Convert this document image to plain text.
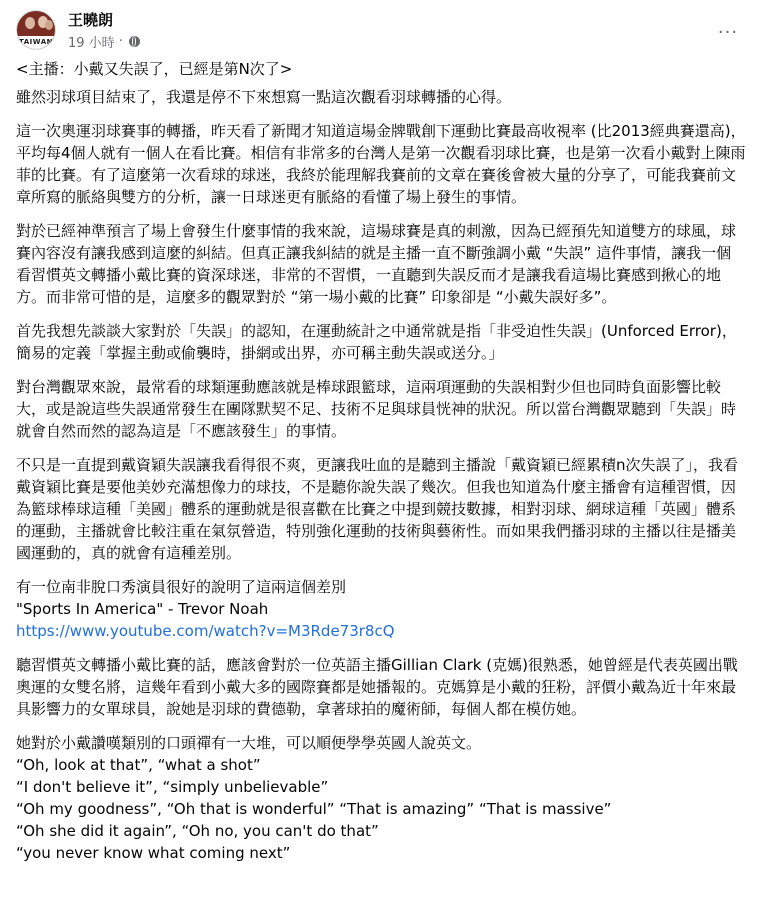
TAIWAN
王曉朗
19 小時 ·	···

<主播：小戴又失誤了，已經是第N次了>

雖然羽球項目結束了，我還是停不下來想寫一點這次觀看羽球轉播的心得。

這一次奧運羽球賽事的轉播，昨天看了新聞才知道這場金牌戰創下運動比賽最高收視率 (比2013經典賽還高)，平均每4個人就有一個人在看比賽。相信有非常多的台灣人是第一次觀看羽球比賽，也是第一次看小戴對上陳雨菲的比賽。有了這麼第一次看球的球迷，我終於能理解我賽前的文章在賽後會被大量的分享了，可能我賽前文章所寫的脈絡與雙方的分析，讓一日球迷更有脈絡的看懂了場上發生的事情。

對於已經神準預言了場上會發生什麼事情的我來說，這場球賽是真的刺激，因為已經預先知道雙方的球風，球賽內容沒有讓我感到這麼的糾結。但真正讓我糾結的就是主播一直不斷強調小戴 “失誤” 這件事情，讓我一個看習慣英文轉播小戴比賽的資深球迷，非常的不習慣，一直聽到失誤反而才是讓我看這場比賽感到揪心的地方。而非常可惜的是，這麼多的觀眾對於 “第一場小戴的比賽” 印象卻是 “小戴失誤好多”。

首先我想先談談大家對於「失誤」的認知，在運動統計之中通常就是指「非受迫性失誤」(Unforced Error)，簡易的定義「掌握主動或偷襲時，掛網或出界，亦可稱主動失誤或送分。」

對台灣觀眾來說，最常看的球類運動應該就是棒球跟籃球，這兩項運動的失誤相對少但也同時負面影響比較大，或是說這些失誤通常發生在團隊默契不足、技術不足與球員恍神的狀況。所以當台灣觀眾聽到「失誤」時就會自然而然的認為這是「不應該發生」的事情。

不只是一直提到戴資穎失誤讓我看得很不爽，更讓我吐血的是聽到主播說「戴資穎已經累積n次失誤了」，我看戴資穎比賽是要他美妙充滿想像力的球技，不是聽你說失誤了幾次。但我也知道為什麼主播會有這種習慣，因為籃球棒球這種「美國」體系的運動就是很喜歡在比賽之中提到競技數據，相對羽球、網球這種「英國」體系的運動，主播就會比較注重在氣氛營造，特別強化運動的技術與藝術性。而如果我們播羽球的主播以往是播美國運動的，真的就會有這種差別。

有一位南非脫口秀演員很好的說明了這兩這個差別

"Sports In America" - Trevor Noah

https://www.youtube.com/watch?v=M3Rde73r8cQ

聽習慣英文轉播小戴比賽的話，應該會對於一位英語主播Gillian Clark (克媽)很熟悉，她曾經是代表英國出戰奧運的女雙名將，這幾年看到小戴大多的國際賽都是她播報的。克媽算是小戴的狂粉，評價小戴為近十年來最具影響力的女單球員，說她是羽球的費德勒，拿著球拍的魔術師，每個人都在模仿她。

她對於小戴讚嘆類別的口頭禪有一大堆，可以順便學學英國人說英文。

“Oh, look at that”, “what a shot”

“I don't believe it”, “simply unbelievable”

“Oh my goodness”, “Oh that is wonderful” “That is amazing” “That is massive”

“Oh she did it again”, “Oh no, you can't do that”

“you never know what coming next”
